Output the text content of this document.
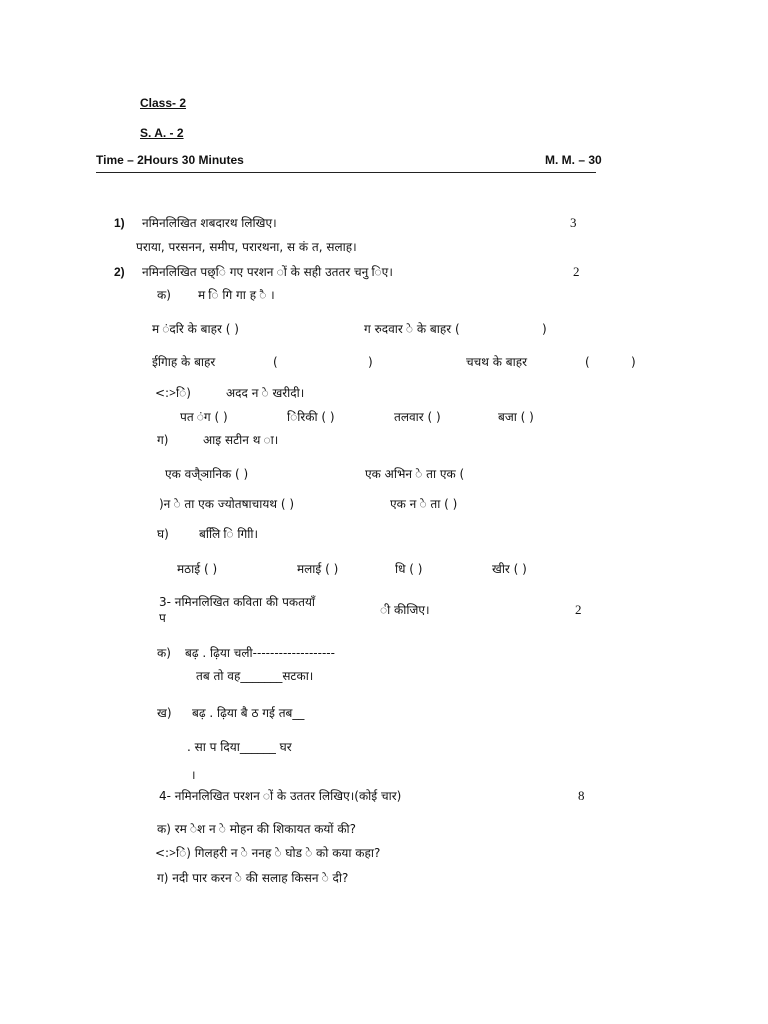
Class- 2
S. A. - 2
Time – 2Hours 30 Minutes	M. M. – 30
1) नमिनलिखित शबदारथ लिखिए।	3
पराया, परसनन, समीप, परारथना, स कं त, सलाह।
2) नमिनलिखित पछ्ि गए परशन ों के सही उततर चनु िए।	2
क) म ि गि गा ह ै ।
म ंदरि के बाहर ( )	ग रुदवार े के बाहर (	)
ईगिाह के बाहर	(	)	चचथ के बाहर	(	)
<:>िं)	अदद न े खरीदी।
पत ंग ( )	िंरिकी ( )	तलवार ( )	बजा ( )
ग)	आइ सटीन थ ा।
एक वजै्ञानिक ( )	एक अभिन े ता एक (
)न े ता एक ज्योतषाचायथ ( )	एक न े ता ( )
घ)	बलिि ि गिाी।
मठाई ( )	मलाई ( )	धि ( )	खीर ( )
3- नमिनलिखित कविता की पकतयाँ
प
ी कीजिए।	2
क) बढ़ . ढ़िया चली-------------------
तब तो वह_______सटका।
ख) बढ़ . ढ़िया बै ठ गई तब__
. सा प दिया______ घर
।
4- नमिनलिखित परशन ों के उततर लिखिए।(कोई चार)	8
क) रम ेश न े मोहन की शिकायत कयों की?
<:>िं) गिलहरी न े ननह े घोड े को कया कहा?
ग) नदी पार करन े की सलाह किसन े दी?
